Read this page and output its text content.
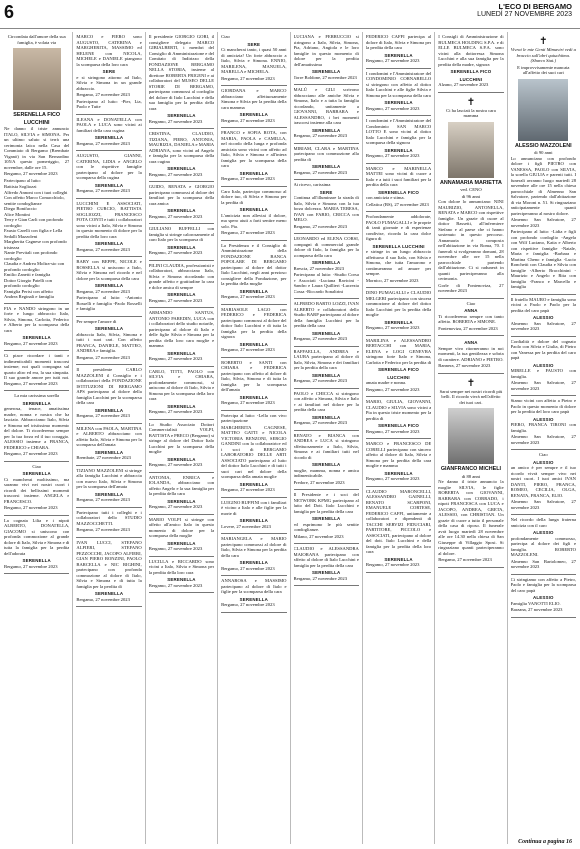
6	L'ECO DI BERGAMO
LUNEDÌ 27 NOVEMBRE 2023

Circondata dall'amore della sua famiglia, è volata via

SERENELLA FICO
LUCCHINI

Ne danno il triste annuncio ITALO, SILVIA e SIMONA. Per un ultimo saluto si terrà una cerimonia laica nella Casa del Commiato di Bergamo (Brembate Viganò) in via San Bernardino 105/A questo pomeriggio, 27 novembre, dalle ore 15.

Bergamo, 27 novembre 2023

Partecipano al lutto:

Battista Sogliozzi
Alfredo Annoni con i tuoi colleghi
Con affetto Marco Comacchiolo, sentite condoglianze
Diego Bonifaccio
Alice Montini
Terry e Gian Carli con profondo cordoglio
Fausto Carelli con figlia e Lella Sedalli Mazzoleni
Margherita Cagnese con profondo tristezza
Nante Previtali con profondo cordoglio
Claudia e Andrea Moltra-sio con profondo cordoglio
Emilio Zanetti e famiglia
Dottor Giorgio Patelli con profondo cordoglio
Famiglia Perisi con affetto
Andrea Reginali e famiglia

FIA e NANDO stringono in un forte e lungo abbraccio Italo, Silvia, Simona, Carlotta, Federico e Alberto per la scomparsa della cara

SERENELLA

Bergamo, 27 novembre 2023

Ci piace ricordare i tanti e indimenticabili momenti trascorsi insieme; noi quali compagna sul quarto altro ed era, la sua simpatia. Il suo grande amore per tutti noi. Bergamo, 27 novembre 2023

La mia carissima sorella

SERENELLA

generosa, tenace, amatissima madre, nonna e nostra che ha lasciato. Abbracciamo Italo, Silvia e Simona nel tristissimo momento del dolore. Ti ricorderemo sempre per la tua forza ed il tuo coraggio. ALESSIO insieme a FRANCA, FEDERICO e CHIARA.

Bergamo, 27 novembre 2023

Ciao

SERENELLA

Ci mancherai moltissimo, ma saranno vivi nei nostri cuori i ricordi dei bellissimi momenti trascorsi insieme. ANGELA e FRANCESCO.

Bergamo, 27 novembre 2023

La cognata Lilia e i nipoti ALBERTO, DONATELLA, GIACOMO si uniscono con profonda commozione al grande dolore di Italo, Silvia e Simona e di tutta la famiglia per la perdita dell'adorata

SERENELLA

Bergamo, 27 novembre 2023

MARCO e FIERO sono AUGUSTO, CATERINA e MARGHERITA, MASSIMO ed HELENE con NICOLA, MICHELE e DANIELE piangono la scomparsa della loro cara

SERE

e si stringono attorno ad Italo, Silvia e Simona in un grande abbraccio.

Bergamo, 27 novembre 2023

Partecipano al lutto: -Pier, Lia, Paolo e Tutte

ILEANA e DONATELLA con PAOLA e LUCA sono vicini ai familiari della cara cugina

SERENELLA

Bergamo, 27 novembre 2023

AUGUSTO, GIANNI, CATERINA, LIDIA e ANGELO con le rispettive famiglie partecipano al dolore per la scomparsa della cugina

SERENELLA

Bergamo, 27 novembre 2023

LUCCHINI E ASSOCIATI, PIETRO CURCIO, BATTISTA SOGLIOZZI, FRANCESCO FOTA CONTI e tutti i collaboratori sono vicini a Italo, Silvia e Simona in questo momento di dolore per la perdita della loro cara

SERENELLA

Bergamo, 27 novembre 2023

BABY con BEPPE, NICOLE e ROSSELLA si uniscono a Italo, Silvia e Simona nel ricordo e nel dolore per la scomparsa della cara

SERENELLA

Bergamo, 27 novembre 2023

Partecipano al lutto: -Antonio Bosselli e famiglia -Paolo Rosselli e famiglia

Per sempre l'amore di

SERENELLA

abbraccia Italo, Silvia, Simona e tutti i suoi cari. Con affetto FRANCA, DANIELE, MATTEO, ANDREA e famiglia.

Bergamo, 27 novembre 2023

Il presidente CARLO MAZZOLENI il Consiglio e i collaboratori della FONDAZIONE ISTITUZIONI DI BERGAMO APS partecipano al dolore della famiglia Lucchini per la scomparsa della cara

SERENELLA

Bergamo, 27 novembre 2023

MILENA con PAOLA, MARTINA e ALBERTO abbracciano con affetto Italo, Silvia e Simona per la scomparsa dell'amata

SERENELLA

Brembate, 27 novembre 2023

TIZIANO MAZZOLENI si stringe alla famiglia Lucchini e abbraccia con nuovo Italo, Silvia e Simona per la scomparsa dell'amata

SERENELLA

Bergamo, 27 novembre 2023

Partecipano tutti i colleghi e i collaboratori dello STUDIO MAZZOCCHETTI.

Bergamo, 27 novembre 2023

IVAN LUCCI, STEFANO ALFIERI, STEFANO PEZZOCCHI, JACOPO ALFIERI, GIAN PIERO BONZINI, PAOLO BARCELLA e NIC RIGHINI, partecipano con profonda commozione al dolore di Italo, Silvia e Simona e di tutta la famiglia per la perdita di

SERENELLA

Bergamo, 27 novembre 2023

Il presidente GIORGIO GORI, il consigliere delegato MARCO GIBIALBERTI, i membri del Consiglio di Amministrazione e del Comitato di Indirizzo della FONDAZIONE BERGAMO NELLA STORIA, insieme al direttore ROBERTA FRIGENI e ai collaboratori del MUSEO DELLE STORIE DI BERGAMO, partecipano commossi al cordoglio del dolore di Italo Lucchini e della sua famiglia per la perdita della cara

SERENELLA

Bergamo, 27 novembre 2023

CRISTINA, CLAUDIO, TIZIANA, PIERO, ANTONIA, MAURIZIA, DANIELA e MARIA ADRIANA, sono vicini ad Angelo e famiglia per la scomparsa della cara cugina

SERENELLA

Bergamo, 27 novembre 2023

GUIDO, RENATA e GIORGIO partecipano commossi al dolore dei familiari per la scomparsa della cara amica

SERENELLA

Bergamo, 27 novembre 2023

GIULIANO BUFFELLI con famiglia si stringe calorosamente al caro Italo per la scomparsa di

SERENELLA

Bergamo, 27 novembre 2023

PILINI CLAUDIA, professionisti e collaboratori, abbracciano Italo, Silvia e Simona ricordando con grande affetto e gratitudine la cara e dolce amica di sempre

SERENELLA

Bergamo, 27 novembre 2023

ARMANDO SANTUS, ANTONIO PAREDIN, LUCA con i collaboratori dello studio notarile, partecipano al dolore di Italo e delle figlie Silvia e Simona per la perdita della loro cara moglie e mamma

SERENELLA

Bergamo, 27 novembre 2023

CARLO, TITTI, PAOLO con SILVIA e CHIARA, profondamente commossi, si uniscono al dolore di Italo, Silvia e Simona per la scomparsa della loro cara

SERENELLA

Bergamo, 27 novembre 2023

Lo Studio Associato Dottori Commercialisti VOLPI, BATTISTA e PRECO (Bergamo) si stringe al dolore del Dottor Italo Lucchini per la scomparsa della moglie

SERENELLA

Bergamo, 27 novembre 2023

ANTONIA, ENRICA e IOLANDA, abbracciano con affetto Angelo e la sua famiglia per la perdita della cara

SERENELLA

Bergamo, 27 novembre 2023

MARIO VOLPI si stringe con affetto all'amico Italo in questo momento di dolore per la scomparsa della moglie

SERENELLA

Bergamo, 27 novembre 2023

LUCILLA e RICCARDO sono vicini a Italo, Silvia e Simona per la perdita della loro cara

SERENELLA

Bergamo, 27 novembre 2023

Ciao

SERE

Ci mancherai tanto, i quasi 50 anni di amicizia! Un forte abbraccio a Italo, Silvia e Simona. ENNIO, MARILENA, MANUELA, MARELLA e MICHELA.

Bergamo, 27 novembre 2023

GIORDANA e MARCO abbracciano affettuosamente Simona e Silvia per la perdita della cara mamma

SERENELLA

Bergamo, 27 novembre 2023

FRANCO e SOFIA ROTA, con MARIA, PAOLA e CAMILLA, nel ricordo della lunga e profonda amicizia sono vicini con affetto ad Italo, Silvia e Simona e all'intera famiglia per la scomparsa della cara

SERENELLA

Bergamo, 27 novembre 2023

Caro Italo, partecipo commosso al dolore tuo, di Silvia e Simona per la perdita di

SERENELLA

L'amicizia non alleviai il dolore, ma spero aiuti a farti sentire meno solo. Pia.

Bergamo, 27 novembre 2023

La Presidenza e il Consiglio di Amministrazione della FONDAZIONE BANCA POPOLARE DI BERGAMO partecipano al dolore del dottor Italo Lucchini, negli anni prezioso consigliere della Fondazione, per la perdita della moglie

SERENELLA

Bergamo, 27 novembre 2023

MARIASOLE LAGO con FEDERICO e FEDERICA partecipano commossi al dolore del dottor Italo Lucchini e di tutta la famiglia per la perdita della signora

SERENELLA

Bergamo, 27 novembre 2023

ROBERTO e SANTI con CHIARA e FEDERICA partecipano con affetto al dolore di Italo, Silvia, Simona e di tutta la famiglia per la scomparsa dell'amata

SERENELLA

Bergamo, 27 novembre 2023

Partecipa al lutto: -Lella con vivo partecipazione

MARGHERITA CAGNESE, MATTEO GATTI e NICOLA VICTORIA BENZONI, SERGIO GANDINI con la collaboratrice ed i soci di BERGAMO LABORATORIO DELLE ARTI ASSOCIATO partecipano al lutto del dottor Italo Lucchini e di tutti i suoi cari nel dolore della scomparsa della amata moglie

SERENELLA

Bergamo, 27 novembre 2023

LUIGINO BUFFINI con i familiari è vicino a Italo e alle figlie per la morte di

SERENELLA

Lovere, 27 novembre 2023

MARIANGELA e MARIO partecipano commossi al dolore di Italo, Silvia e Simona per la perdita della cara

SERENELLA

Bergamo, 27 novembre 2023

ANNAROSA e MASSIMO partecipano al dolore di Italo e figlie per la scomparsa della cara

SERENELLA

Bergamo, 27 novembre 2023

LUCIANA e FERRUCCIO si stringono a Italo, Silvia, Simona, Pia, Adriano, Angiola e le loro famiglie in questo momento di dolore per la perdita dell'amatissima

SERENELLA

Torre Boldone, 27 novembre 2023

MALÚ e GILI scrivono abbracciano alle amiche Silvia e Simona, Italo e a tutta la famiglia ricordando, unitamente a GIOVANNI, BARBARA e ALESSANDRO, i bei momenti trascorsi insieme alla cara

SERENELLA

Bergamo, 27 novembre 2023

MIRIAM, CLARA e MARTINA partecipano con commozione alla perdita di

SERENELLA

Bergamo, 27 novembre 2023

Ai ricevo, carissima

SERE

Continua all'illuminare la strada di Italo, Silvia e Simona con la tua forza dolcezza. MARIA TERESA, IVAN con FABIO, CRICCA con MELO.

Bergamo, 27 novembre 2023

LEONARDO ed ELENA CORSI, compagni di commercial grande dolore di Italo, la famiglia per la scomparsa della cara

SERENELLA

Brescia, 27 novembre 2023

Partecipano al lutto: -Studio Corsa e Associati -Luciana Ravicini -Sandro e Laura Quillieri -Lucrezia Cossa -Riccardo Sonaltrini

ALFREDO BARTO LOZZI, IVAN ALBERTO e collaboratori dello Studio BARP partecipano al dolore della famiglia Lucchini per la perdita della cara

SERENELLA

Bergamo, 27 novembre 2023

RAFFAELLA, ANDREA e LAURA partecipano al dolore di Italo, Silvia, Simona e dei familiari per la perdita della cara

SERENELLA

Bergamo, 27 novembre 2023

PAOLO e CHICCA si stringono con affetto a Simona, Silvia e Italo e ai familiari nel dolore per la perdita della cara

SERENELLA

Bergamo, 27 novembre 2023

RENATO e BIANCA con ANDREA e LUCA si stringono affettuosamente a Italo, Silvia, Simona e ai familiari tutti nel ricordo di

SERENELLA

moglie, mamma, nonna e amica indimenticabile.

Predore, 27 novembre 2023

Il Presidente e i soci del NETWORK KPMG partecipano al lutto del Dott. Italo Lucchini e famiglia per la perdita della cara

SERENELLA

ed esprimono le più sentite condoglianze.

Milano, 27 novembre 2023

CLAUDIO e ALESSANDRA MAIORANA partecipano con affetto al dolore di Italo Lucchini e famiglia per la perdita della cara

SERENELLA

Bergamo, 27 novembre 2023

FEDERICO CAFFI partecipa al dolore di Italo, Silvia e Simona per la perdita della cara

SERENELLA

Bergamo, 27 novembre 2023

I condomini e l'Amministratore del CONDOMINIO CORNABELLO si stringono con affetto al dottor Italo Lucchini e alle figlie Silvia e Simona per la scomparsa della cara

SERENELLA

Bergamo, 27 novembre 2023

I condomini e l'Amministratore del Condominio SAN MARCO LOTTO E sono vicini al dottor Italo Lucchini e famiglia per la scomparsa della signora

SERENELLA

Bergamo, 27 novembre 2023

MARCO e MARINELLA MATTEI sono vicini di cuore a Italo e a tutti i suoi familiari per la perdita della cara

SERENELLA FICO

con amicizia e stima.

Cellatica (BS), 27 novembre 2023

Profondamente addolorate, PAOLO FUMAGALLI e le proprie di tanti giornate e di esperienze condivise, ricorda la cara dolce figura di

SERENELLA LUCCHINI

e stringe in un lungo abbraccio affettuoso il suo Italo, con Silvia e Simona, che tutta l'amarono e continueranno ad amare per sempre.

Mornico, 27 novembre 2023

DINO FUMAGALLI e CLAUDIO MELGERI partecipano con sincera commozione al dolore del dottor Italo Lucchini per la perdita della moglie

SERENELLA

Bergamo, 27 novembre 2023

MARILINA e ALESSANDRO BERTACCHI con MARIA, ELENA e LOGI GENEVRA stringono forte Italo e Simona, Carlotta e Federico per la perdita di

SERENELLA FICO
LUCCHINI

amata madre e nonna.

Bergamo, 27 novembre 2023

MARIO, GIULIA, GIOVANNI, CLAUDIO e SILVIA sono vicini a Pia in questo triste momento per la perdita di

SERENELLA FICO

Bergamo, 27 novembre 2023

MARCO e FRANCESCO DE CORELLI partecipano con sincero affetto al dolore di Italo, Silvia e Simona per la perdita della cara moglie e mamma

SERENELLA

Bergamo, 27 novembre 2023

CLAUDIO MARONCELLI, ALESSANDRO GAINELLI, RENATO SCARPONI, EMANUELE CORTESE, FEDERICO CAFFI, unitamente a collaboratori e dipendenti di TACCHI SERVIZI FIDUCIARI, PARTITORE, PICCOLO e ASSOCIATI, partecipano al dolore del dott. Italo Lucchini e della famiglia per la perdita della loro cara

SERENELLA

Bergamo, 27 novembre 2023

I Consigli di Amministrazione di BULMECA HOLDING S.P.A. e di ELLE BULMECA S.P.A. sono vicini alla dottoressa Simona Lucchini e alla sua famiglia per la perdita della madre, signora

SERENELLA FICO
LUCCHINI

Alzano, 27 novembre 2023

✝

Ci ha lasciati la nostra cara mamma

ANNAMARIA MARIETTA
ved. CENO
di 96 anni

Con dolore lo annunciano: NINI MAURIZIO, ANTONELLA, RENATA e MARCO con rispettive famiglie. Un grazie di cuore al dottor Bassetti, all'infermiere Stefano e al paese che ci hanno sostenuto in questo percorso. Annamaria è composta nell'abitazione in via Roma, 70. I funerali si svolgeranno domani, 28 novembre alle ore 15 nella parrocchiale partendo dall'abitazione. Ci si radunerà in quanti parteciperanno alla cerimonia.

Gorle di Fontenoviza, 27 novembre 2023

Ciao

ANNA

Ti ricorderemo sempre con tanto affetto. ROBERTA e SIMONE.

Fontenoviza, 27 novembre 2023

ANNA

Sempre vivo ritorneranno in noi momenti, la tua gentilezza e sobria di carattere. ADRIANO e PIETRO.

Bannera, 27 novembre 2023

✝

Sarai sempre nei nostri ricordi più belli. Il ricordo vivrà nell'affetto dei tuoi cari.

GIANFRANCO MICHELI
di 88 anni

Ne danno il triste annuncio la moglie SILVIA, le figlie ROBERTA con GIOVANNI, BARBARA con CORRADO, i nipoti FRANCESCA con LUCA e JACOPO, ANDREA, GRETA, ALESSIO, con CHRISTIAN. Un grazie di cuore a tutto il personale della casa di riposo. Il funerale avrà luogo martedì 28 novembre alle ore 14.30 nella chiesa di San Giuseppe di Villaggio Sposi. Si ringraziano quanti parteciperanno al dolore.

Bergamo, 27 novembre 2023

✝

Vivrai le mie Genti Mimaviri vedi a braccio sull'abrí quiuchiima. (Sbarco Stat.)

E improvvisamente mancata all'affetto dei suoi cari

ALESSIO MAZZOLENI
di 90 anni

Lo annunciano con profondo dolore i figli PIETRO con VANESSA, PAOLO con SILVIA, la sorella GIULIA e parenti tutti. I funerali avranno luogo martedì 28 novembre alle ore 15 nella chiesa parrocchiale di Almenno San Salvatore, partendo dall'abitazione di via Moroni n. 51. Si ringraziano anticipatamente quanti parteciperanno al nostro dolore.

Almenno San Salvatore, 27 novembre 2023

Partecipano al lutto: -Lidia e figli con profondo cordoglio -Angela con Wilf Luciano, Katia e Alberto con rispettive famiglie -Natale, Maria e famiglia -Barbara e Martina Cheno e famiglia -Lucio Ronchetti con Claudia e Silvia con famiglie -Alberto Bracchinini -Maurizio e Angelo e Rita con famiglia -Franco e Marcello e famiglia

Il fratello MAURO e famiglia sono vicini a Paolo e Paolo per la perdita del caro papà

ALESSIO

Almenno San Salvatore, 27 novembre 2023

Cordialità e dolore del cognato Paolo con Silvia e Giulia, di Pietro con Vanessa per la perdita del caro papà

ALESSIO

MIRELLE e FAUSTO con famiglia.

Almenno San Salvatore, 27 novembre 2023

Siamo vicini con affetto a Pietro e Paolo in questo momento di dolore per la perdita del loro caro papà

ALESSIO

PIERO, FRANCA TIRONI con famiglia.

Almenno San Salvatore, 27 novembre 2023

Ciao

ALESSIO

un amico è per sempre e il tuo ricordo vivrà sempre vivo nei nostri cuori. I tuoi amici IVAN DANTI, PIERO, FRANCA, ROMEO, CECILIA, OLGA, RENATA, FRANCA, ELIO.

Almenno San Salvatore, 27 novembre 2023

Nel ricordo della lunga fraterna amicizia con il caro

ALESSIO

profondamente commosso, partecipa al dolore dei figli e famiglia. ROBERTO MAZZOLENI.

Almenno San Bartolomeo, 27 novembre 2023

Ci stringiamo con affetto a Pietro, Paolo e famiglia per la scomparsa del caro papà

ALESSIO

Famiglia VANOTTI ELIO.

Barzana, 27 novembre 2023

Continua a pagina 16
